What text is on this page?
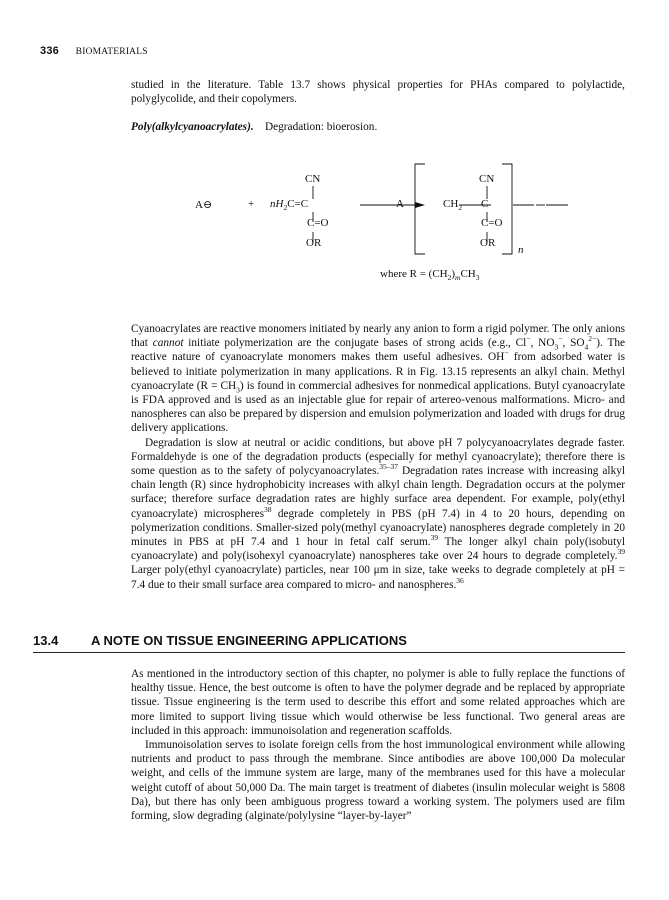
336 BIOMATERIALS

studied in the literature. Table 13.7 shows physical properties for PHAs compared to polylactide, polyglycolide, and their copolymers.

Poly(alkylcyanoacrylates). Degradation: bioerosion.
A⊖	+ $nH_2C=C$
CN
C=O
OR
A	$CH_2$ C
CN
C=O
OR
n
where $R = (CH_2)_mCH_3$

Cyanoacrylates are reactive monomers initiated by nearly any anion to form a rigid polymer. The only anions that cannot initiate polymerization are the conjugate bases of strong acids (e.g., Cl−, $NO_3^-$, $SO_4^{2-}$). The reactive nature of cyanoacrylate monomers makes them useful adhesives. OH− from adsorbed water is believed to initiate polymerization in many applications. R in Fig. 13.15 represents an alkyl chain. Methyl cyanoacrylate $(R = CH_3)$ is found in commercial adhesives for nonmedical applications. Butyl cyanoacrylate is FDA approved and is used as an injectable glue for repair of artereo-venous malformations. Micro- and nanospheres can also be prepared by dispersion and emulsion polymerization and loaded with drugs for drug delivery applications.

Degradation is slow at neutral or acidic conditions, but above pH 7 polycyanoacrylates degrade faster. Formaldehyde is one of the degradation products (especially for methyl cyanoacrylate); therefore there is some question as to the safety of polycyanoacrylates.$^{35-37}$ Degradation rates increase with increasing alkyl chain length (R) since hydrophobicity increases with alkyl chain length. Degradation occurs at the polymer surface; therefore surface degradation rates are highly surface area dependent. For example, poly(ethyl cyanoacrylate) microspheres$^{38}$ degrade completely in PBS (pH 7.4) in 4 to 20 hours, depending on polymerization conditions. Smaller-sized poly(methyl cyanoacrylate) nanospheres degrade completely in 20 minutes in PBS at pH 7.4 and 1 hour in fetal calf serum.$^{39}$ The longer alkyl chain poly(isobutyl cyanoacrylate) and poly(isohexyl cyanoacrylate) nanospheres take over 24 hours to degrade completely.$^{39}$ Larger poly(ethyl cyanoacrylate) particles, near 100 μm in size, take weeks to degrade completely at pH = 7.4 due to their small surface area compared to micro- and nanospheres.$^{36}$

13.4	A NOTE ON TISSUE ENGINEERING APPLICATIONS

As mentioned in the introductory section of this chapter, no polymer is able to fully replace the functions of healthy tissue. Hence, the best outcome is often to have the polymer degrade and be replaced by appropriate tissue. Tissue engineering is the term used to describe this effort and some related approaches which are more limited to support living tissue which would otherwise be less functional. Two general areas are included in this approach: immunoisolation and regeneration scaffolds.

Immunoisolation serves to isolate foreign cells from the host immunological environment while allowing nutrients and product to pass through the membrane. Since antibodies are above 100,000 Da molecular weight, and cells of the immune system are large, many of the membranes used for this have a molecular weight cutoff of about 50,000 Da. The main target is treatment of diabetes (insulin molecular weight is 5808 Da), but there has only been ambiguous progress toward a working system. The polymers used are film forming, slow degrading (alginate/polylysine “layer-by-layer”
